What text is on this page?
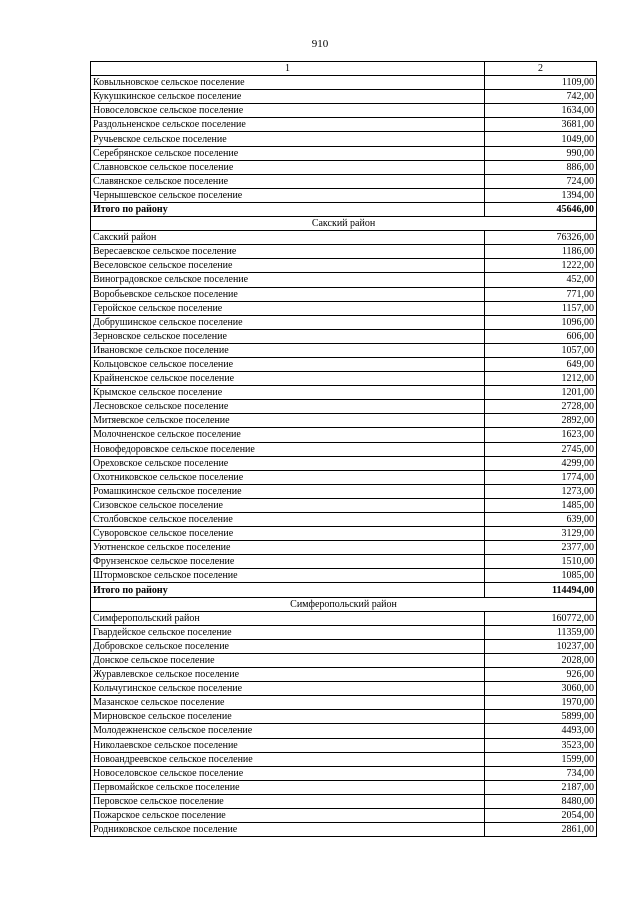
910
1	2
Ковыльновское сельское поселение	1109,00
Кукушкинское сельское поселение	742,00
Новоселовское сельское поселение	1634,00
Раздольненское сельское поселение	3681,00
Ручьевское сельское поселение	1049,00
Серебрянское сельское поселение	990,00
Славновское сельское поселение	886,00
Славянское сельское поселение	724,00
Чернышевское сельское поселение	1394,00
Итого по району	45646,00
Сакский район	
Сакский район	76326,00
Вересаевское сельское поселение	1186,00
Веселовское сельское поселение	1222,00
Виноградовское сельское поселение	452,00
Воробьевское сельское поселение	771,00
Геройское сельское поселение	1157,00
Добрушинское сельское поселение	1096,00
Зерновское сельское поселение	606,00
Ивановское сельское поселение	1057,00
Кольцовское сельское поселение	649,00
Крайненское сельское поселение	1212,00
Крымское сельское поселение	1201,00
Лесновское сельское поселение	2728,00
Митяевское сельское поселение	2892,00
Молочненское сельское поселение	1623,00
Новофедоровское сельское поселение	2745,00
Ореховское сельское поселение	4299,00
Охотниковское сельское поселение	1774,00
Ромашкинское сельское поселение	1273,00
Сизовское сельское поселение	1485,00
Столбовское сельское поселение	639,00
Суворовское сельское поселение	3129,00
Уютненское сельское поселение	2377,00
Фрунзенское сельское поселение	1510,00
Штормовское сельское поселение	1085,00
Итого по району	114494,00
Симферопольский район	
Симферопольский район	160772,00
Гвардейское сельское поселение	11359,00
Добровское сельское поселение	10237,00
Донское сельское поселение	2028,00
Журавлевское сельское поселение	926,00
Кольчугинское сельское поселение	3060,00
Мазанское сельское поселение	1970,00
Мирновское сельское поселение	5899,00
Молодежненское сельское поселение	4493,00
Николаевское сельское поселение	3523,00
Новоандреевское сельское поселение	1599,00
Новоселовское сельское поселение	734,00
Первомайское сельское поселение	2187,00
Перовское сельское поселение	8480,00
Пожарское сельское поселение	2054,00
Родниковское сельское поселение	2861,00
